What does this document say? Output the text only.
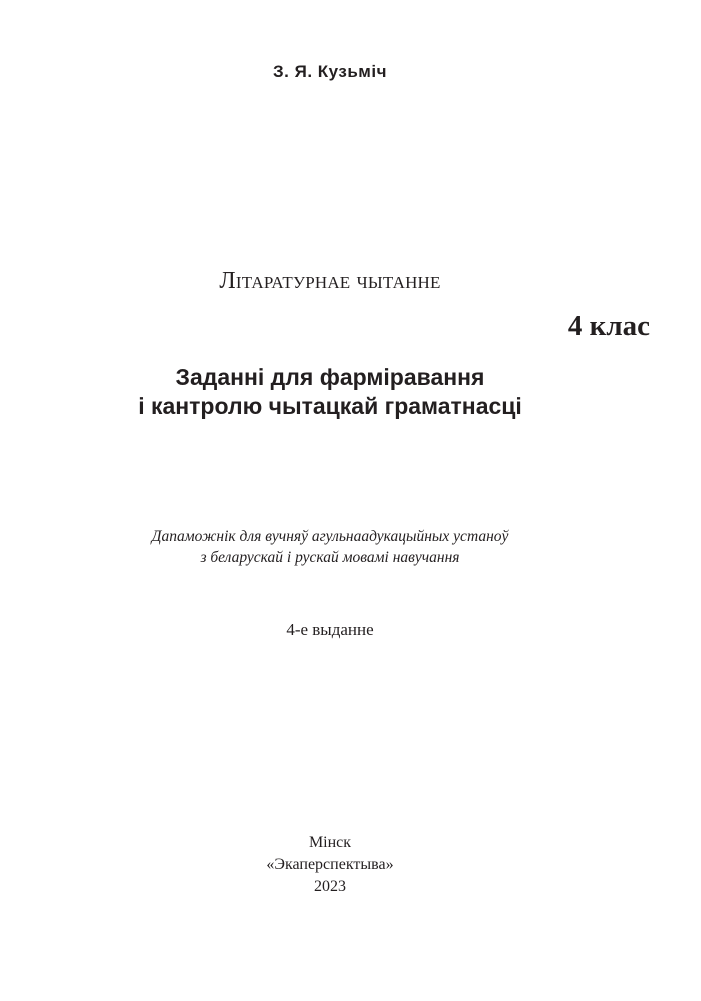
З. Я. Кузьміч
Літаратурнае чытанне
4 клас
Заданні для фарміравання
і кантролю чытацкай граматнасці
Дапаможнік для вучняў агульнаадукацыйных устаноў
з беларускай і рускай мовамі навучання
4-е выданне
Мінск
«Экаперспектыва»
2023
